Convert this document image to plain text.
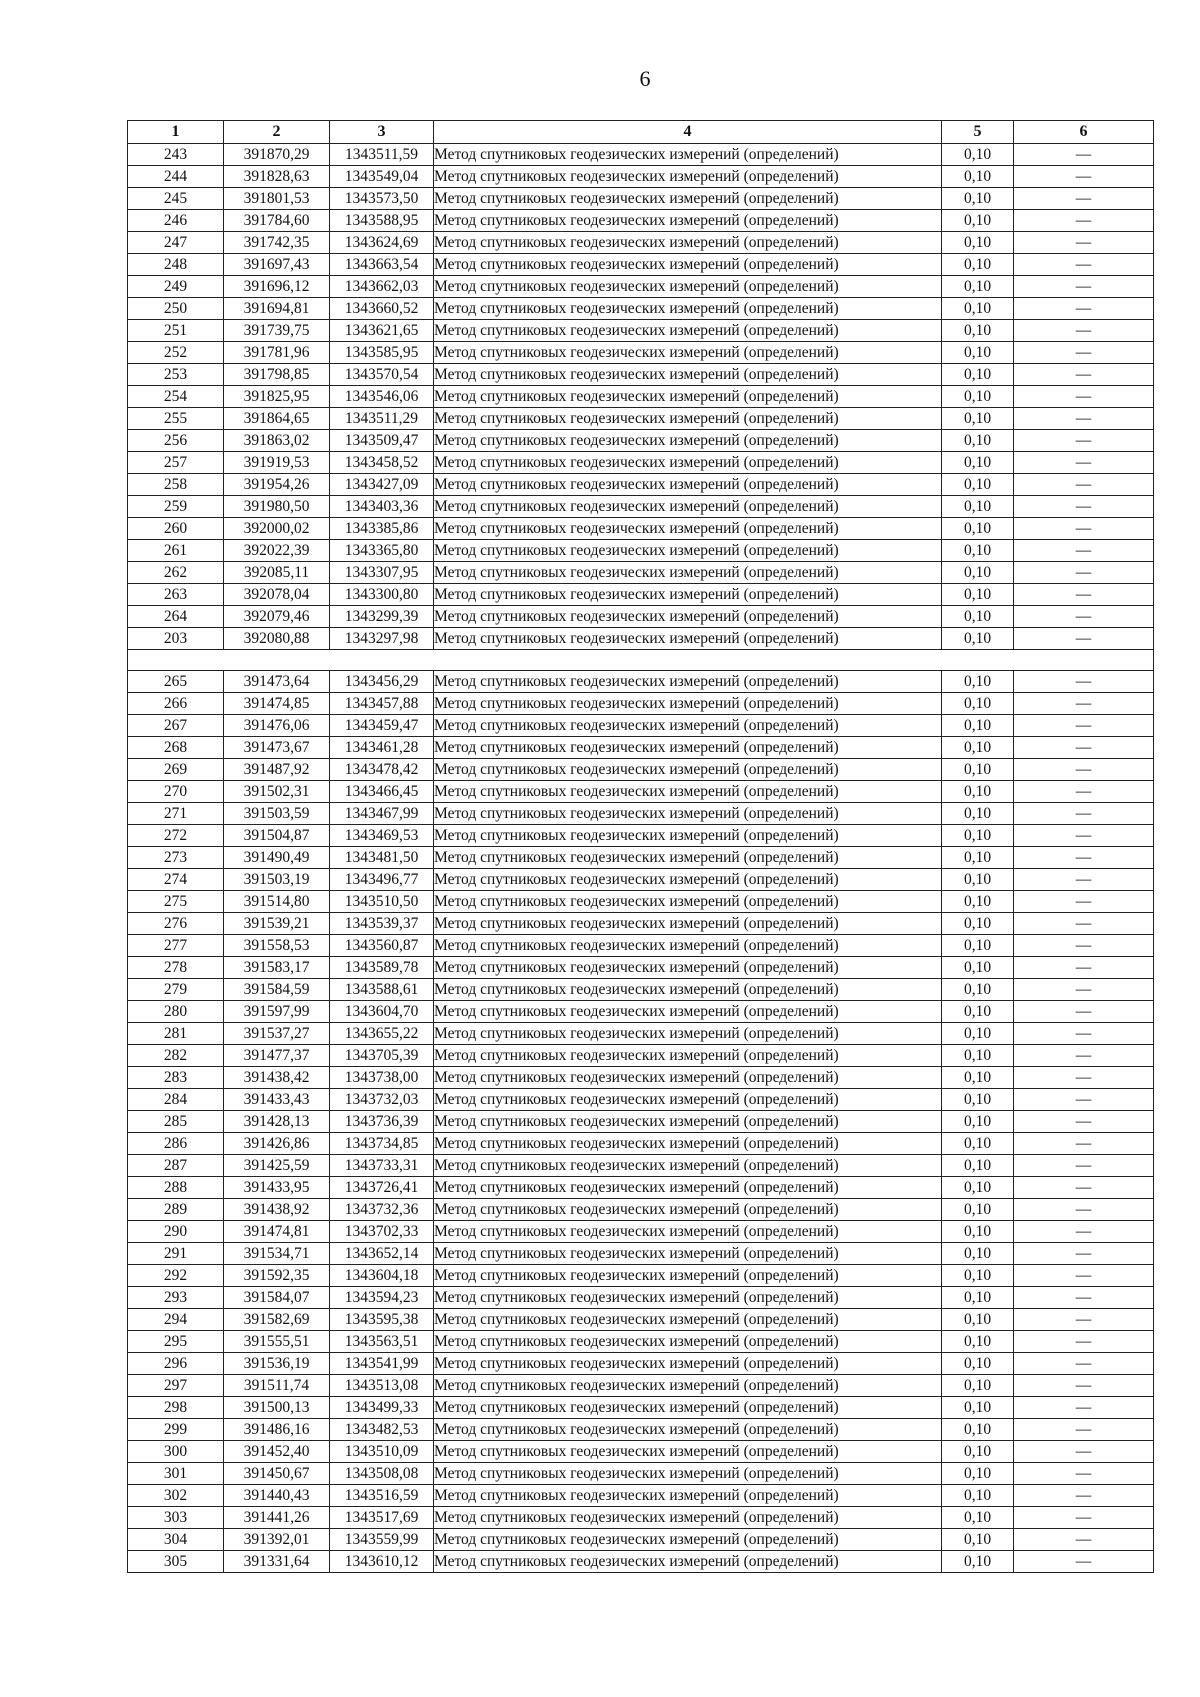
6
1	2	3	4	5	6
243	391870,29	1343511,59	Метод спутниковых геодезических измерений (определений)	0,10	—
244	391828,63	1343549,04	Метод спутниковых геодезических измерений (определений)	0,10	—
245	391801,53	1343573,50	Метод спутниковых геодезических измерений (определений)	0,10	—
246	391784,60	1343588,95	Метод спутниковых геодезических измерений (определений)	0,10	—
247	391742,35	1343624,69	Метод спутниковых геодезических измерений (определений)	0,10	—
248	391697,43	1343663,54	Метод спутниковых геодезических измерений (определений)	0,10	—
249	391696,12	1343662,03	Метод спутниковых геодезических измерений (определений)	0,10	—
250	391694,81	1343660,52	Метод спутниковых геодезических измерений (определений)	0,10	—
251	391739,75	1343621,65	Метод спутниковых геодезических измерений (определений)	0,10	—
252	391781,96	1343585,95	Метод спутниковых геодезических измерений (определений)	0,10	—
253	391798,85	1343570,54	Метод спутниковых геодезических измерений (определений)	0,10	—
254	391825,95	1343546,06	Метод спутниковых геодезических измерений (определений)	0,10	—
255	391864,65	1343511,29	Метод спутниковых геодезических измерений (определений)	0,10	—
256	391863,02	1343509,47	Метод спутниковых геодезических измерений (определений)	0,10	—
257	391919,53	1343458,52	Метод спутниковых геодезических измерений (определений)	0,10	—
258	391954,26	1343427,09	Метод спутниковых геодезических измерений (определений)	0,10	—
259	391980,50	1343403,36	Метод спутниковых геодезических измерений (определений)	0,10	—
260	392000,02	1343385,86	Метод спутниковых геодезических измерений (определений)	0,10	—
261	392022,39	1343365,80	Метод спутниковых геодезических измерений (определений)	0,10	—
262	392085,11	1343307,95	Метод спутниковых геодезических измерений (определений)	0,10	—
263	392078,04	1343300,80	Метод спутниковых геодезических измерений (определений)	0,10	—
264	392079,46	1343299,39	Метод спутниковых геодезических измерений (определений)	0,10	—
203	392080,88	1343297,98	Метод спутниковых геодезических измерений (определений)	0,10	—

265	391473,64	1343456,29	Метод спутниковых геодезических измерений (определений)	0,10	—
266	391474,85	1343457,88	Метод спутниковых геодезических измерений (определений)	0,10	—
267	391476,06	1343459,47	Метод спутниковых геодезических измерений (определений)	0,10	—
268	391473,67	1343461,28	Метод спутниковых геодезических измерений (определений)	0,10	—
269	391487,92	1343478,42	Метод спутниковых геодезических измерений (определений)	0,10	—
270	391502,31	1343466,45	Метод спутниковых геодезических измерений (определений)	0,10	—
271	391503,59	1343467,99	Метод спутниковых геодезических измерений (определений)	0,10	—
272	391504,87	1343469,53	Метод спутниковых геодезических измерений (определений)	0,10	—
273	391490,49	1343481,50	Метод спутниковых геодезических измерений (определений)	0,10	—
274	391503,19	1343496,77	Метод спутниковых геодезических измерений (определений)	0,10	—
275	391514,80	1343510,50	Метод спутниковых геодезических измерений (определений)	0,10	—
276	391539,21	1343539,37	Метод спутниковых геодезических измерений (определений)	0,10	—
277	391558,53	1343560,87	Метод спутниковых геодезических измерений (определений)	0,10	—
278	391583,17	1343589,78	Метод спутниковых геодезических измерений (определений)	0,10	—
279	391584,59	1343588,61	Метод спутниковых геодезических измерений (определений)	0,10	—
280	391597,99	1343604,70	Метод спутниковых геодезических измерений (определений)	0,10	—
281	391537,27	1343655,22	Метод спутниковых геодезических измерений (определений)	0,10	—
282	391477,37	1343705,39	Метод спутниковых геодезических измерений (определений)	0,10	—
283	391438,42	1343738,00	Метод спутниковых геодезических измерений (определений)	0,10	—
284	391433,43	1343732,03	Метод спутниковых геодезических измерений (определений)	0,10	—
285	391428,13	1343736,39	Метод спутниковых геодезических измерений (определений)	0,10	—
286	391426,86	1343734,85	Метод спутниковых геодезических измерений (определений)	0,10	—
287	391425,59	1343733,31	Метод спутниковых геодезических измерений (определений)	0,10	—
288	391433,95	1343726,41	Метод спутниковых геодезических измерений (определений)	0,10	—
289	391438,92	1343732,36	Метод спутниковых геодезических измерений (определений)	0,10	—
290	391474,81	1343702,33	Метод спутниковых геодезических измерений (определений)	0,10	—
291	391534,71	1343652,14	Метод спутниковых геодезических измерений (определений)	0,10	—
292	391592,35	1343604,18	Метод спутниковых геодезических измерений (определений)	0,10	—
293	391584,07	1343594,23	Метод спутниковых геодезических измерений (определений)	0,10	—
294	391582,69	1343595,38	Метод спутниковых геодезических измерений (определений)	0,10	—
295	391555,51	1343563,51	Метод спутниковых геодезических измерений (определений)	0,10	—
296	391536,19	1343541,99	Метод спутниковых геодезических измерений (определений)	0,10	—
297	391511,74	1343513,08	Метод спутниковых геодезических измерений (определений)	0,10	—
298	391500,13	1343499,33	Метод спутниковых геодезических измерений (определений)	0,10	—
299	391486,16	1343482,53	Метод спутниковых геодезических измерений (определений)	0,10	—
300	391452,40	1343510,09	Метод спутниковых геодезических измерений (определений)	0,10	—
301	391450,67	1343508,08	Метод спутниковых геодезических измерений (определений)	0,10	—
302	391440,43	1343516,59	Метод спутниковых геодезических измерений (определений)	0,10	—
303	391441,26	1343517,69	Метод спутниковых геодезических измерений (определений)	0,10	—
304	391392,01	1343559,99	Метод спутниковых геодезических измерений (определений)	0,10	—
305	391331,64	1343610,12	Метод спутниковых геодезических измерений (определений)	0,10	—
